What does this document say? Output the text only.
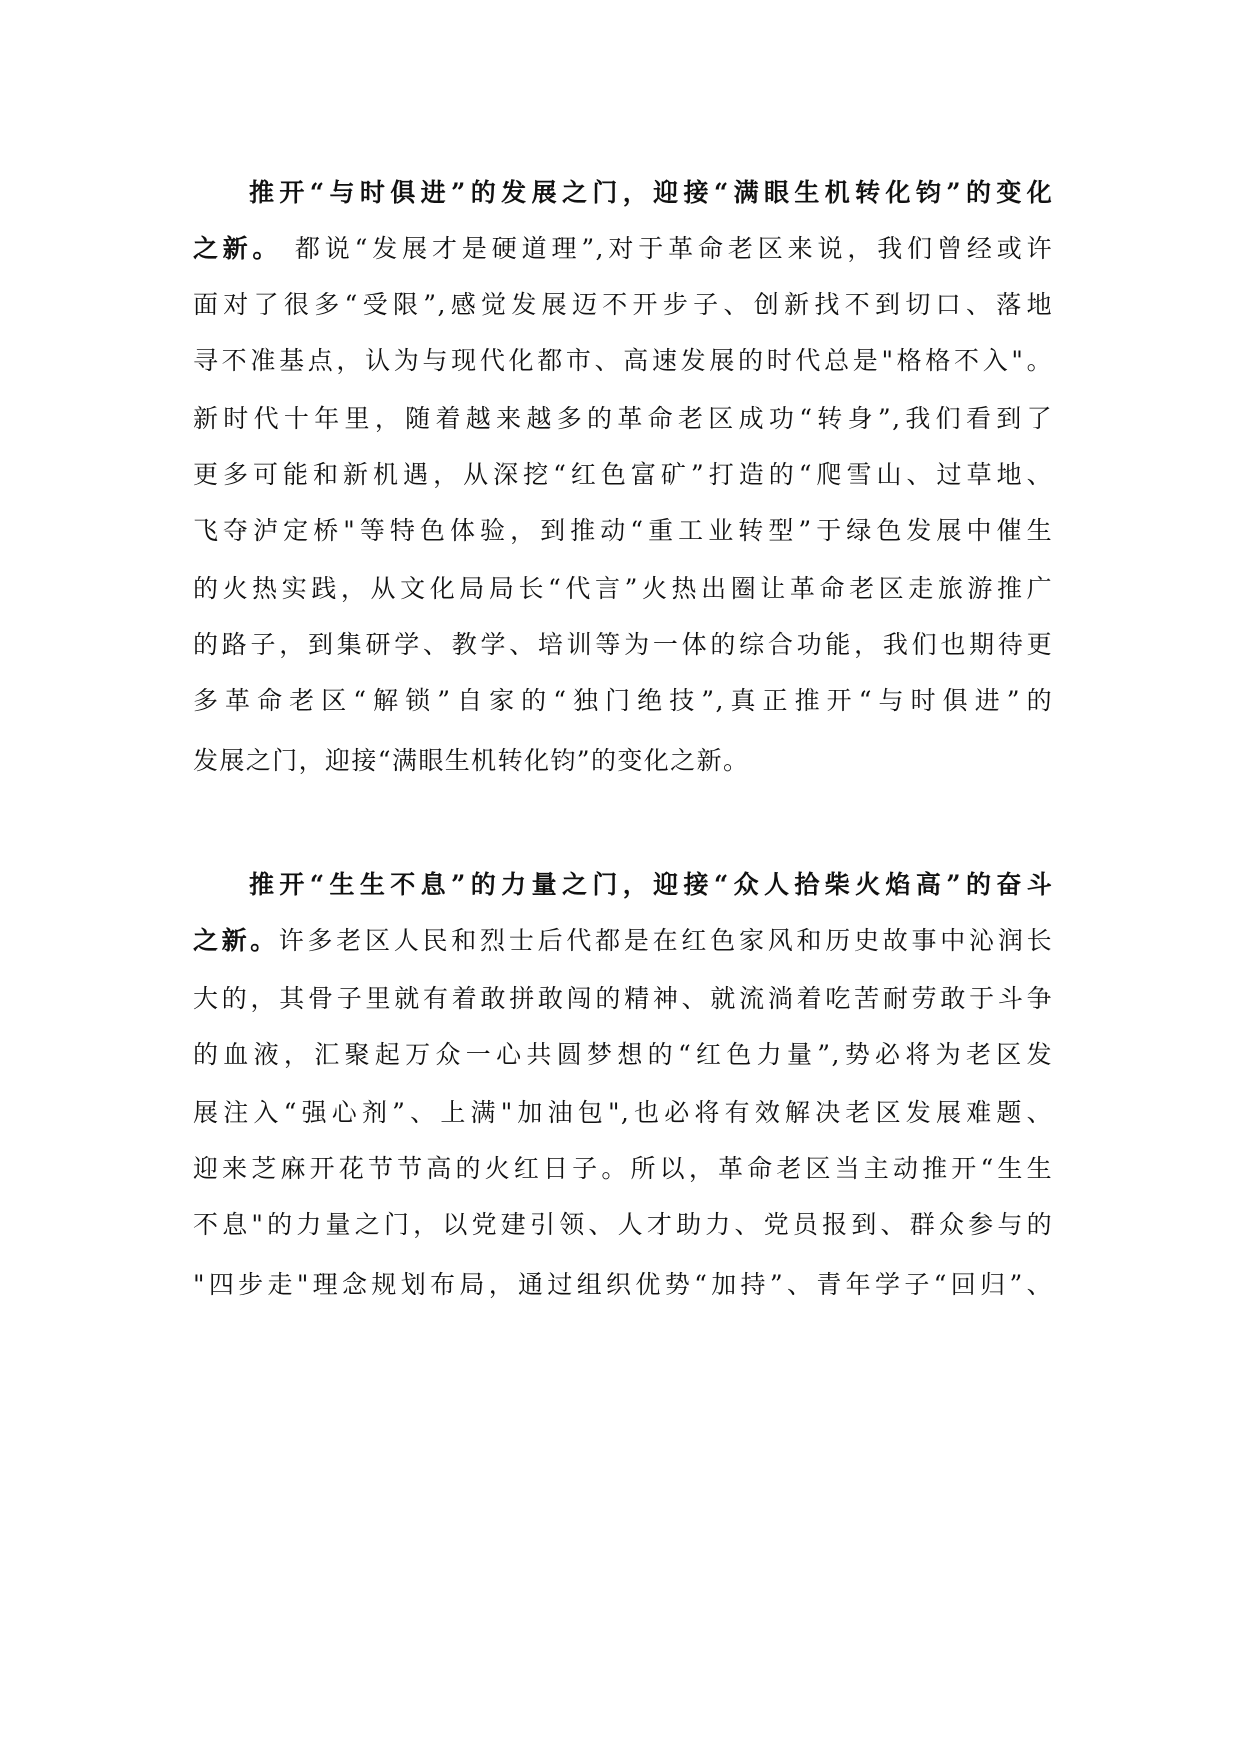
推开“与时俱进”的发展之门，迎接“满眼生机转化钧”的变化
之新。 都说“发展才是硬道理”,对于革命老区来说，我们曾经或许
面对了很多“受限”,感觉发展迈不开步子、创新找不到切口、落地
寻不准基点，认为与现代化都市、高速发展的时代总是"格格不入"。
新时代十年里，随着越来越多的革命老区成功“转身”,我们看到了
更多可能和新机遇，从深挖“红色富矿”打造的“爬雪山、过草地、
飞夺泸定桥"等特色体验，到推动“重工业转型”于绿色发展中催生
的火热实践，从文化局局长“代言”火热出圈让革命老区走旅游推广
的路子，到集研学、教学、培训等为一体的综合功能，我们也期待更
多革命老区“解锁”自家的“独门绝技”,真正推开“与时俱进”的
发展之门，迎接“满眼生机转化钧”的变化之新。
推开“生生不息”的力量之门，迎接“众人拾柴火焰高”的奋斗
之新。许多老区人民和烈士后代都是在红色家风和历史故事中沁润长
大的，其骨子里就有着敢拼敢闯的精神、就流淌着吃苦耐劳敢于斗争
的血液，汇聚起万众一心共圆梦想的“红色力量”,势必将为老区发
展注入“强心剂”、上满"加油包",也必将有效解决老区发展难题、
迎来芝麻开花节节高的火红日子。所以，革命老区当主动推开“生生
不息"的力量之门，以党建引领、人才助力、党员报到、群众参与的
"四步走"理念规划布局，通过组织优势“加持”、青年学子“回归”、
